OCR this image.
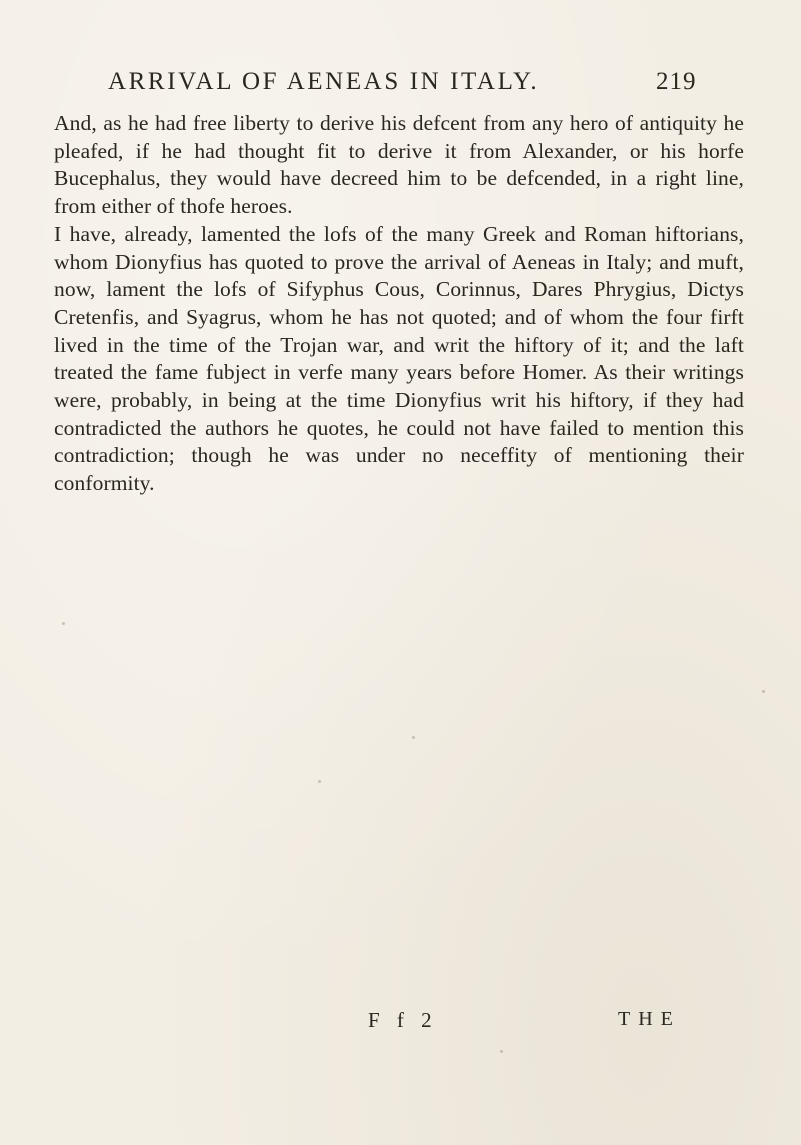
ARRIVAL OF AENEAS IN ITALY.	219

And, as he had free liberty to derive his defcent from any hero of antiquity he pleafed, if he had thought fit to derive it from Alexander, or his horfe Bucephalus, they would have decreed him to be defcended, in a right line, from either of thofe heroes.

I have, already, lamented the lofs of the many Greek and Roman hiftorians, whom Dionyfius has quoted to prove the arrival of Aeneas in Italy; and muft, now, lament the lofs of Sifyphus Cous, Corinnus, Dares Phrygius, Dictys Cretenfis, and Syagrus, whom he has not quoted; and of whom the four firft lived in the time of the Trojan war, and writ the hiftory of it; and the laft treated the fame fubject in verfe many years before Homer. As their writings were, probably, in being at the time Dionyfius writ his hiftory, if they had contradicted the authors he quotes, he could not have failed to mention this contradiction; though he was under no neceffity of mentioning their conformity.

F f 2	THE
